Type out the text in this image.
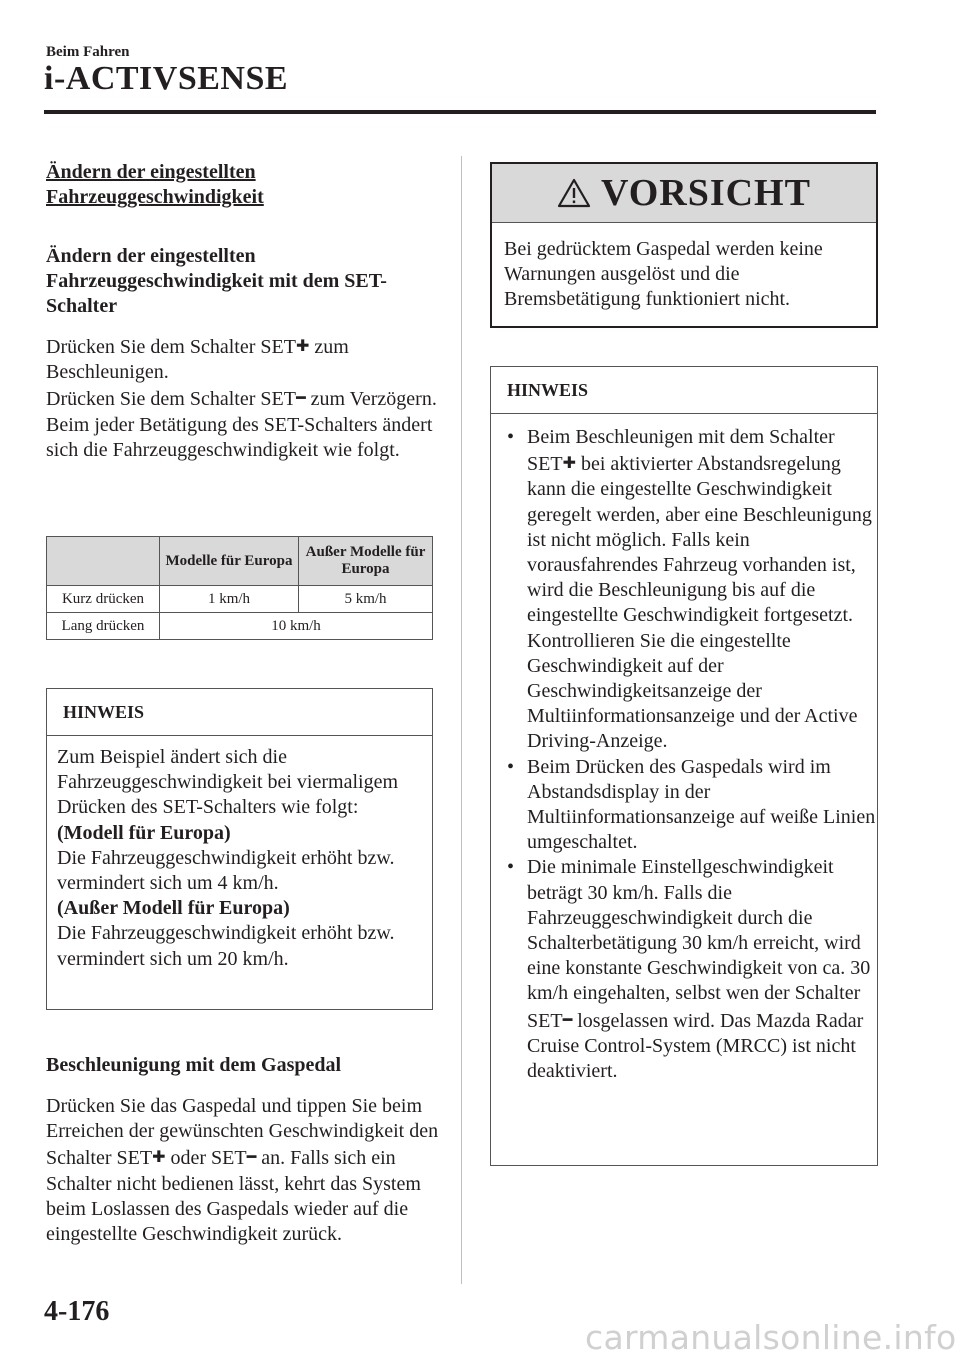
Beim Fahren
i-ACTIVSENSE
Ändern der eingestellten Fahrzeuggeschwindigkeit
Ändern der eingestellten Fahrzeuggeschwindigkeit mit dem SET-Schalter
Drücken Sie dem Schalter SET✚ zum Beschleunigen.
Drücken Sie dem Schalter SET━ zum Verzögern.
Beim jeder Betätigung des SET-Schalters ändert sich die Fahrzeuggeschwindigkeit wie folgt.
	Modelle für Europa	Außer Modelle für Europa
Kurz drücken	1 km/h	5 km/h
Lang drücken	10 km/h	
HINWEIS
Zum Beispiel ändert sich die Fahrzeuggeschwindigkeit bei viermaligem Drücken des SET-Schalters wie folgt:
(Modell für Europa)
Die Fahrzeuggeschwindigkeit erhöht bzw. vermindert sich um 4 km/h.
(Außer Modell für Europa)
Die Fahrzeuggeschwindigkeit erhöht bzw. vermindert sich um 20 km/h.
Beschleunigung mit dem Gaspedal
Drücken Sie das Gaspedal und tippen Sie beim Erreichen der gewünschten Geschwindigkeit den Schalter SET✚ oder SET━ an. Falls sich ein Schalter nicht bedienen lässt, kehrt das System beim Loslassen des Gaspedals wieder auf die eingestellte Geschwindigkeit zurück.
VORSICHT
Bei gedrücktem Gaspedal werden keine Warnungen ausgelöst und die Bremsbetätigung funktioniert nicht.
HINWEIS
• Beim Beschleunigen mit dem Schalter SET✚ bei aktivierter Abstandsregelung kann die eingestellte Geschwindigkeit geregelt werden, aber eine Beschleunigung ist nicht möglich. Falls kein vorausfahrendes Fahrzeug vorhanden ist, wird die Beschleunigung bis auf die eingestellte Geschwindigkeit fortgesetzt. Kontrollieren Sie die eingestellte Geschwindigkeit auf der Geschwindigkeitsanzeige der Multiinformationsanzeige und der Active Driving-Anzeige.
• Beim Drücken des Gaspedals wird im Abstandsdisplay in der Multiinformationsanzeige auf weiße Linien umgeschaltet.
• Die minimale Einstellgeschwindigkeit beträgt 30 km/h. Falls die Fahrzeuggeschwindigkeit durch die Schalterbetätigung 30 km/h erreicht, wird eine konstante Geschwindigkeit von ca. 30 km/h eingehalten, selbst wen der Schalter SET━ losgelassen wird. Das Mazda Radar Cruise Control-System (MRCC) ist nicht deaktiviert.
4-176
carmanualsonline.info
